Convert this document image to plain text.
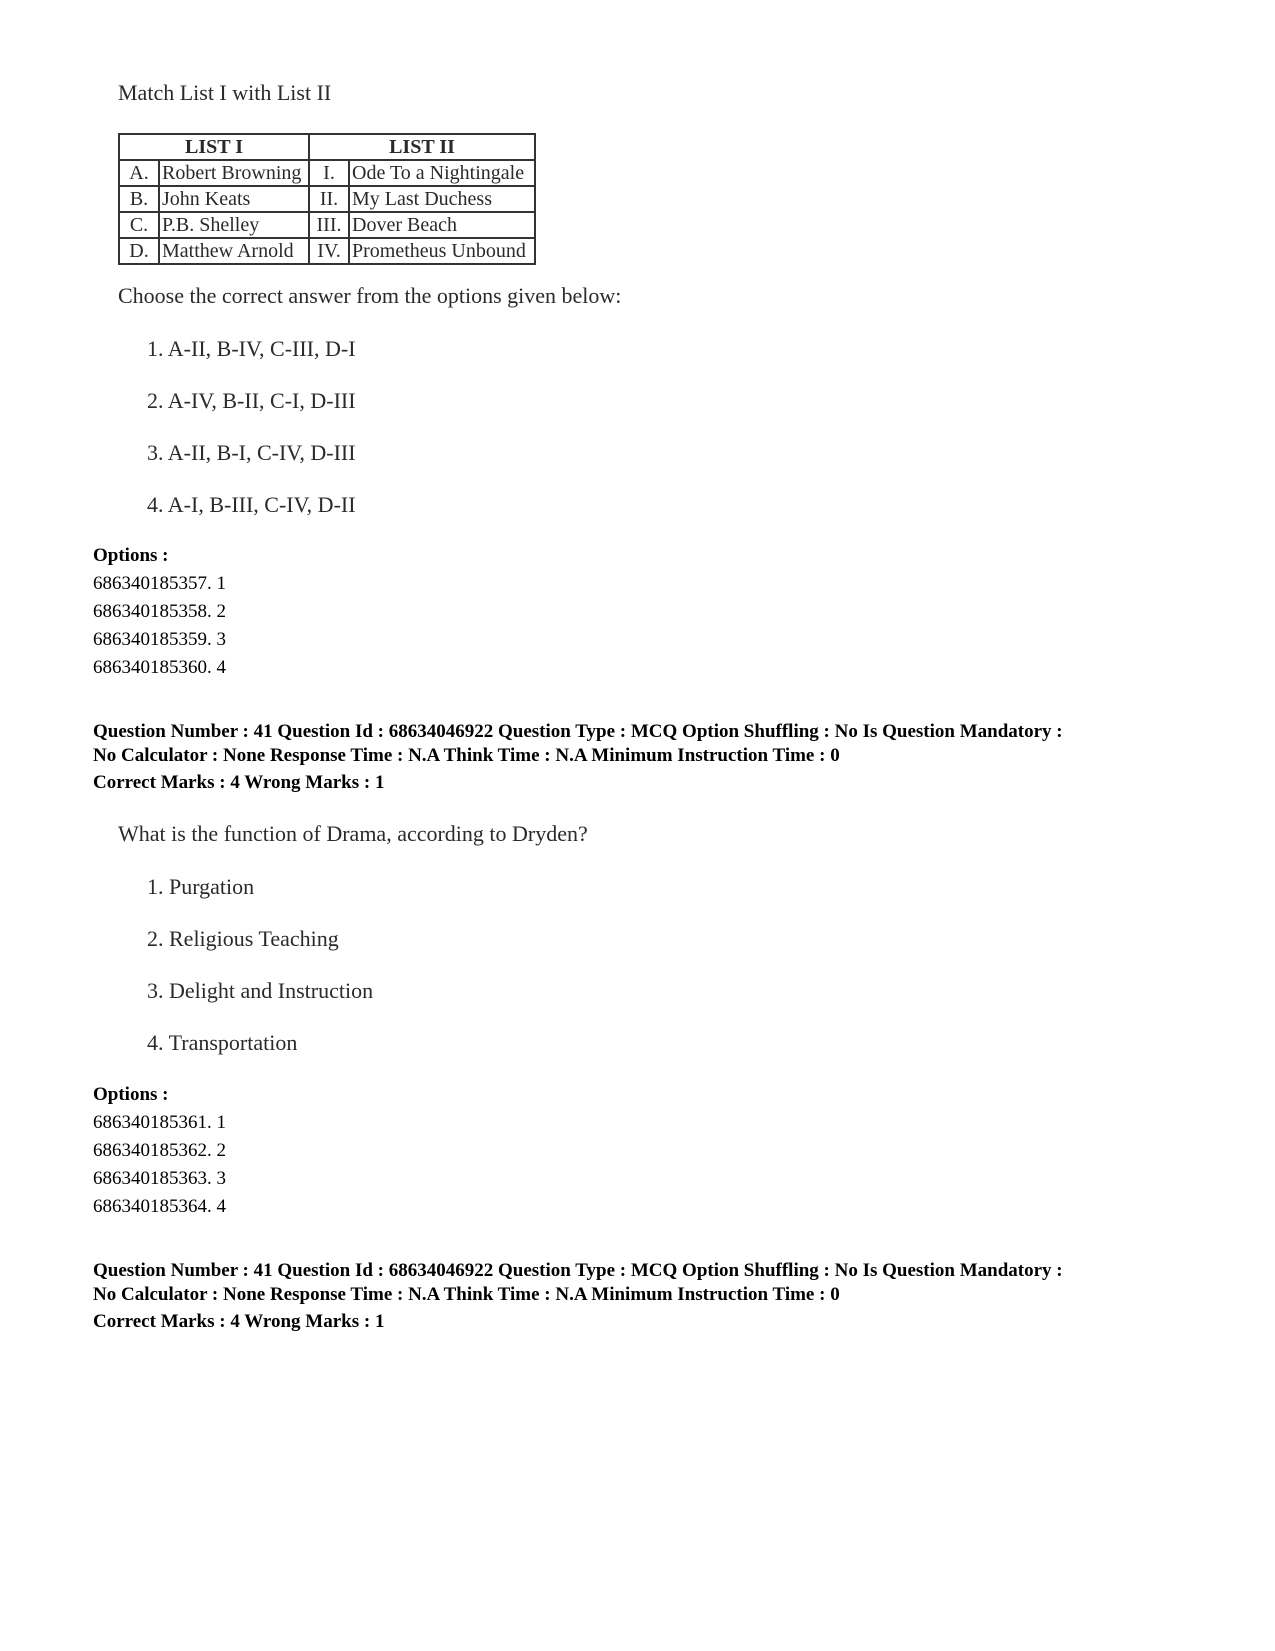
Match List I with List II
LIST I		LIST II	
A.	Robert Browning	I.	Ode To a Nightingale
B.	John Keats	II.	My Last Duchess
C.	P.B. Shelley	III.	Dover Beach
D.	Matthew Arnold	IV.	Prometheus Unbound
Choose the correct answer from the options given below:
1. A-II, B-IV, C-III, D-I
2. A-IV, B-II, C-I, D-III
3. A-II, B-I, C-IV, D-III
4. A-I, B-III, C-IV, D-II
Options :
686340185357. 1
686340185358. 2
686340185359. 3
686340185360. 4
Question Number : 41 Question Id : 68634046922 Question Type : MCQ Option Shuffling : No Is Question Mandatory :
No Calculator : None Response Time : N.A Think Time : N.A Minimum Instruction Time : 0
Correct Marks : 4 Wrong Marks : 1
What is the function of Drama, according to Dryden?
1. Purgation
2. Religious Teaching
3. Delight and Instruction
4. Transportation
Options :
686340185361. 1
686340185362. 2
686340185363. 3
686340185364. 4
Question Number : 41 Question Id : 68634046922 Question Type : MCQ Option Shuffling : No Is Question Mandatory :
No Calculator : None Response Time : N.A Think Time : N.A Minimum Instruction Time : 0
Correct Marks : 4 Wrong Marks : 1
